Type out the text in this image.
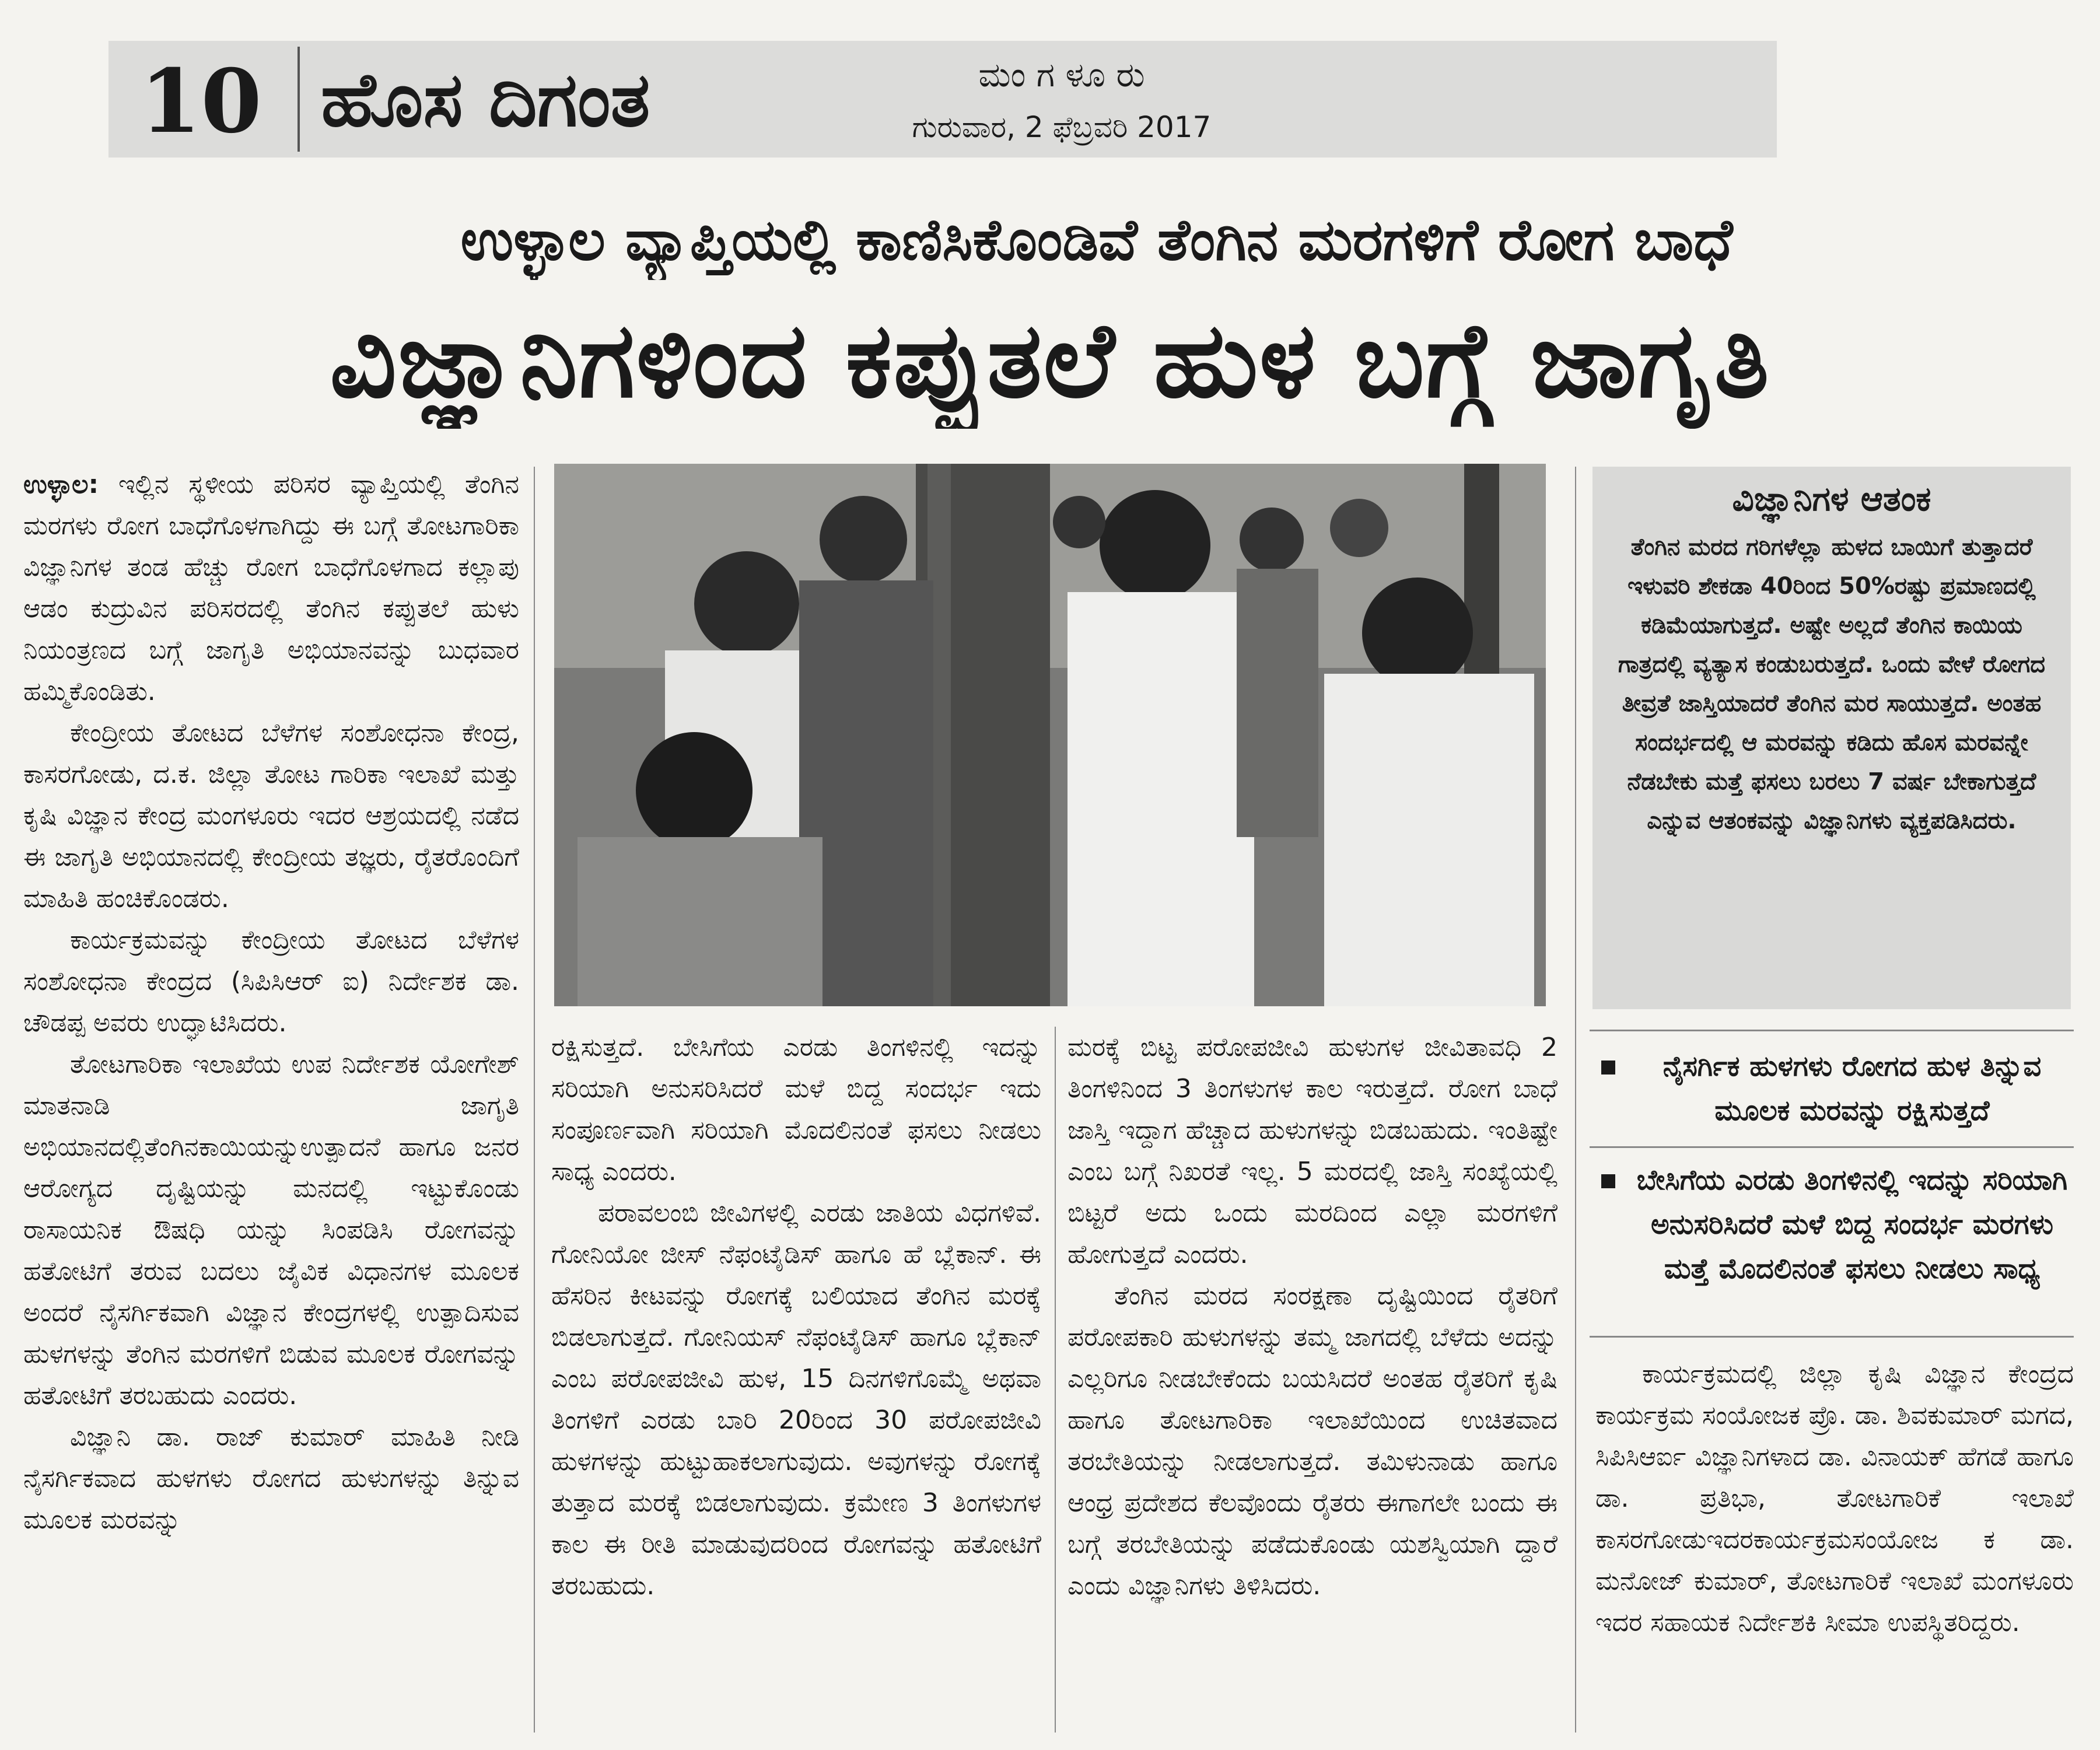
10 ಹೊಸ ದಿಗಂತ	ಮಂ ಗ ಳೂ ರು
ಗುರುವಾರ, 2 ಫೆಬ್ರವರಿ 2017
ಉಳ್ಳಾಲ ವ್ಯಾಪ್ತಿಯಲ್ಲಿ ಕಾಣಿಸಿಕೊಂಡಿವೆ ತೆಂಗಿನ ಮರಗಳಿಗೆ ರೋಗ ಬಾಧೆ
ವಿಜ್ಞಾನಿಗಳಿಂದ ಕಪ್ಪುತಲೆ ಹುಳ ಬಗ್ಗೆ ಜಾಗೃತಿ

ಉಳ್ಳಾಲ: ಇಲ್ಲಿನ ಸ್ಥಳೀಯ ಪರಿಸರ ವ್ಯಾಪ್ತಿಯಲ್ಲಿ ತೆಂಗಿನ ಮರಗಳು ರೋಗ ಬಾಧೆಗೊಳಗಾಗಿದ್ದು ಈ ಬಗ್ಗೆ ತೋಟಗಾರಿಕಾ ವಿಜ್ಞಾನಿಗಳ ತಂಡ ಹೆಚ್ಚು ರೋಗ ಬಾಧೆಗೊಳಗಾದ ಕಲ್ಲಾಪು ಆಡಂ ಕುದ್ರುವಿನ ಪರಿಸರದಲ್ಲಿ ತೆಂಗಿನ ಕಪ್ಪುತಲೆ ಹುಳು ನಿಯಂತ್ರಣದ ಬಗ್ಗೆ ಜಾಗೃತಿ ಅಭಿಯಾನವನ್ನು ಬುಧವಾರ ಹಮ್ಮಿಕೊಂಡಿತು.

ಕೇಂದ್ರೀಯ ತೋಟದ ಬೆಳೆಗಳ ಸಂಶೋಧನಾ ಕೇಂದ್ರ, ಕಾಸರಗೋಡು, ದ.ಕ. ಜಿಲ್ಲಾ ತೋಟ ಗಾರಿಕಾ ಇಲಾಖೆ ಮತ್ತು ಕೃಷಿ ವಿಜ್ಞಾನ ಕೇಂದ್ರ ಮಂಗಳೂರು ಇದರ ಆಶ್ರಯದಲ್ಲಿ ನಡೆದ ಈ ಜಾಗೃತಿ ಅಭಿಯಾನದಲ್ಲಿ ಕೇಂದ್ರೀಯ ತಜ್ಞರು, ರೈತರೊಂದಿಗೆ ಮಾಹಿತಿ ಹಂಚಿಕೊಂಡರು.

ಕಾರ್ಯಕ್ರಮವನ್ನು ಕೇಂದ್ರೀಯ ತೋಟದ ಬೆಳೆಗಳ ಸಂಶೋಧನಾ ಕೇಂದ್ರದ (ಸಿಪಿಸಿಆರ್ ಐ) ನಿರ್ದೇಶಕ ಡಾ. ಚೌಡಪ್ಪ ಅವರು ಉದ್ಘಾಟಿಸಿದರು.

ತೋಟಗಾರಿಕಾ ಇಲಾಖೆಯ ಉಪ ನಿರ್ದೇಶಕ ಯೋಗೇಶ್ ಮಾತನಾಡಿ ಜಾಗೃತಿ ಅಭಿಯಾನದಲ್ಲಿತೆಂಗಿನಕಾಯಿಯನ್ನುಉತ್ಪಾದನೆ ಹಾಗೂ ಜನರ ಆರೋಗ್ಯದ ದೃಷ್ಟಿಯನ್ನು ಮನದಲ್ಲಿ ಇಟ್ಟುಕೊಂಡು ರಾಸಾಯನಿಕ ಔಷಧಿ ಯನ್ನು ಸಿಂಪಡಿಸಿ ರೋಗವನ್ನು ಹತೋಟಿಗೆ ತರುವ ಬದಲು ಜೈವಿಕ ವಿಧಾನಗಳ ಮೂಲಕ ಅಂದರೆ ನೈಸರ್ಗಿಕವಾಗಿ ವಿಜ್ಞಾನ ಕೇಂದ್ರಗಳಲ್ಲಿ ಉತ್ಪಾದಿಸುವ ಹುಳಗಳನ್ನು ತೆಂಗಿನ ಮರಗಳಿಗೆ ಬಿಡುವ ಮೂಲಕ ರೋಗವನ್ನು ಹತೋಟಿಗೆ ತರಬಹುದು ಎಂದರು.

ವಿಜ್ಞಾನಿ ಡಾ. ರಾಜ್ ಕುಮಾರ್ ಮಾಹಿತಿ ನೀಡಿ ನೈಸರ್ಗಿಕವಾದ ಹುಳಗಳು ರೋಗದ ಹುಳುಗಳನ್ನು ತಿನ್ನುವ ಮೂಲಕ ಮರವನ್ನು

ವಿಜ್ಞಾನಿಗಳ ಆತಂಕ
ತೆಂಗಿನ ಮರದ ಗರಿಗಳೆಲ್ಲಾ ಹುಳದ ಬಾಯಿಗೆ ತುತ್ತಾದರೆ ಇಳುವರಿ ಶೇಕಡಾ 40ರಿಂದ 50%ರಷ್ಟು ಪ್ರಮಾಣದಲ್ಲಿ ಕಡಿಮೆಯಾಗುತ್ತದೆ. ಅಷ್ಟೇ ಅಲ್ಲದೆ ತೆಂಗಿನ ಕಾಯಿಯ ಗಾತ್ರದಲ್ಲಿ ವ್ಯತ್ಯಾಸ ಕಂಡುಬರುತ್ತದೆ. ಒಂದು ವೇಳೆ ರೋಗದ ತೀವ್ರತೆ ಜಾಸ್ತಿಯಾದರೆ ತೆಂಗಿನ ಮರ ಸಾಯುತ್ತದೆ. ಅಂತಹ ಸಂದರ್ಭದಲ್ಲಿ ಆ ಮರವನ್ನು ಕಡಿದು ಹೊಸ ಮರವನ್ನೇ ನೆಡಬೇಕು ಮತ್ತೆ ಫಸಲು ಬರಲು 7 ವರ್ಷ ಬೇಕಾಗುತ್ತದೆ ಎನ್ನುವ ಆತಂಕವನ್ನು ವಿಜ್ಞಾನಿಗಳು ವ್ಯಕ್ತಪಡಿಸಿದರು.
ನೈಸರ್ಗಿಕ ಹುಳಗಳು ರೋಗದ ಹುಳ ತಿನ್ನುವ ಮೂಲಕ ಮರವನ್ನು ರಕ್ಷಿಸುತ್ತದೆ
ಬೇಸಿಗೆಯ ಎರಡು ತಿಂಗಳಿನಲ್ಲಿ ಇದನ್ನು ಸರಿಯಾಗಿ ಅನುಸರಿಸಿದರೆ ಮಳೆ ಬಿದ್ದ ಸಂದರ್ಭ ಮರಗಳು ಮತ್ತೆ ಮೊದಲಿನಂತೆ ಫಸಲು ನೀಡಲು ಸಾಧ್ಯ

ರಕ್ಷಿಸುತ್ತದೆ. ಬೇಸಿಗೆಯ ಎರಡು ತಿಂಗಳಿನಲ್ಲಿ ಇದನ್ನು ಸರಿಯಾಗಿ ಅನುಸರಿಸಿದರೆ ಮಳೆ ಬಿದ್ದ ಸಂದರ್ಭ ಇದು ಸಂಪೂರ್ಣವಾಗಿ ಸರಿಯಾಗಿ ಮೊದಲಿನಂತೆ ಫಸಲು ನೀಡಲು ಸಾಧ್ಯ ಎಂದರು.

ಪರಾವಲಂಬಿ ಜೀವಿಗಳಲ್ಲಿ ಎರಡು ಜಾತಿಯ ವಿಧಗಳಿವೆ. ಗೋನಿಯೋ ಜೀಸ್ ನೆಫಂಟೈಡಿಸ್ ಹಾಗೂ ಹೆ ಬ್ಲೆಕಾನ್. ಈ ಹೆಸರಿನ ಕೀಟವನ್ನು ರೋಗಕ್ಕೆ ಬಲಿಯಾದ ತೆಂಗಿನ ಮರಕ್ಕೆ ಬಿಡಲಾಗುತ್ತದೆ. ಗೋನಿಯಸ್ ನೆಫಂಟೈಡಿಸ್ ಹಾಗೂ ಬ್ಲೆಕಾನ್ ಎಂಬ ಪರೋಪಜೀವಿ ಹುಳ, 15 ದಿನಗಳಿಗೊಮ್ಮೆ ಅಥವಾ ತಿಂಗಳಿಗೆ ಎರಡು ಬಾರಿ 20ರಿಂದ 30 ಪರೋಪಜೀವಿ ಹುಳಗಳನ್ನು ಹುಟ್ಟುಹಾಕಲಾಗುವುದು. ಅವುಗಳನ್ನು ರೋಗಕ್ಕೆ ತುತ್ತಾದ ಮರಕ್ಕೆ ಬಿಡಲಾಗುವುದು. ಕ್ರಮೇಣ 3 ತಿಂಗಳುಗಳ ಕಾಲ ಈ ರೀತಿ ಮಾಡುವುದರಿಂದ ರೋಗವನ್ನು ಹತೋಟಿಗೆ ತರಬಹುದು.

ಮರಕ್ಕೆ ಬಿಟ್ಟ ಪರೋಪಜೀವಿ ಹುಳುಗಳ ಜೀವಿತಾವಧಿ 2 ತಿಂಗಳಿನಿಂದ 3 ತಿಂಗಳುಗಳ ಕಾಲ ಇರುತ್ತದೆ. ರೋಗ ಬಾಧೆ ಜಾಸ್ತಿ ಇದ್ದಾಗ ಹೆಚ್ಚಾದ ಹುಳುಗಳನ್ನು ಬಿಡಬಹುದು. ಇಂತಿಷ್ಟೇ ಎಂಬ ಬಗ್ಗೆ ನಿಖರತೆ ಇಲ್ಲ. 5 ಮರದಲ್ಲಿ ಜಾಸ್ತಿ ಸಂಖ್ಯೆಯಲ್ಲಿ ಬಿಟ್ಟರೆ ಅದು ಒಂದು ಮರದಿಂದ ಎಲ್ಲಾ ಮರಗಳಿಗೆ ಹೋಗುತ್ತದೆ ಎಂದರು.

ತೆಂಗಿನ ಮರದ ಸಂರಕ್ಷಣಾ ದೃಷ್ಟಿಯಿಂದ ರೈತರಿಗೆ ಪರೋಪಕಾರಿ ಹುಳುಗಳನ್ನು ತಮ್ಮ ಜಾಗದಲ್ಲಿ ಬೆಳೆದು ಅದನ್ನು ಎಲ್ಲರಿಗೂ ನೀಡಬೇಕೆಂದು ಬಯಸಿದರೆ ಅಂತಹ ರೈತರಿಗೆ ಕೃಷಿ ಹಾಗೂ ತೋಟಗಾರಿಕಾ ಇಲಾಖೆಯಿಂದ ಉಚಿತವಾದ ತರಬೇತಿಯನ್ನು ನೀಡಲಾಗುತ್ತದೆ. ತಮಿಳುನಾಡು ಹಾಗೂ ಆಂಧ್ರ ಪ್ರದೇಶದ ಕೆಲವೊಂದು ರೈತರು ಈಗಾಗಲೇ ಬಂದು ಈ ಬಗ್ಗೆ ತರಬೇತಿಯನ್ನು ಪಡೆದುಕೊಂಡು ಯಶಸ್ವಿಯಾಗಿ ದ್ದಾರೆ ಎಂದು ವಿಜ್ಞಾನಿಗಳು ತಿಳಿಸಿದರು.

ಕಾರ್ಯಕ್ರಮದಲ್ಲಿ ಜಿಲ್ಲಾ ಕೃಷಿ ವಿಜ್ಞಾನ ಕೇಂದ್ರದ ಕಾರ್ಯಕ್ರಮ ಸಂಯೋಜಕ ಪ್ರೊ. ಡಾ. ಶಿವಕುಮಾರ್ ಮಗದ, ಸಿಪಿಸಿಆರ್ಐ ವಿಜ್ಞಾನಿಗಳಾದ ಡಾ. ವಿನಾಯಕ್ ಹೆಗಡೆ ಹಾಗೂ ಡಾ. ಪ್ರತಿಭಾ, ತೋಟಗಾರಿಕೆ ಇಲಾಖೆ ಕಾಸರಗೋಡುಇದರಕಾರ್ಯಕ್ರಮಸಂಯೋಜ ಕ ಡಾ. ಮನೋಜ್ ಕುಮಾರ್, ತೋಟಗಾರಿಕೆ ಇಲಾಖೆ ಮಂಗಳೂರು ಇದರ ಸಹಾಯಕ ನಿರ್ದೇಶಕಿ ಸೀಮಾ ಉಪಸ್ಥಿತರಿದ್ದರು.
